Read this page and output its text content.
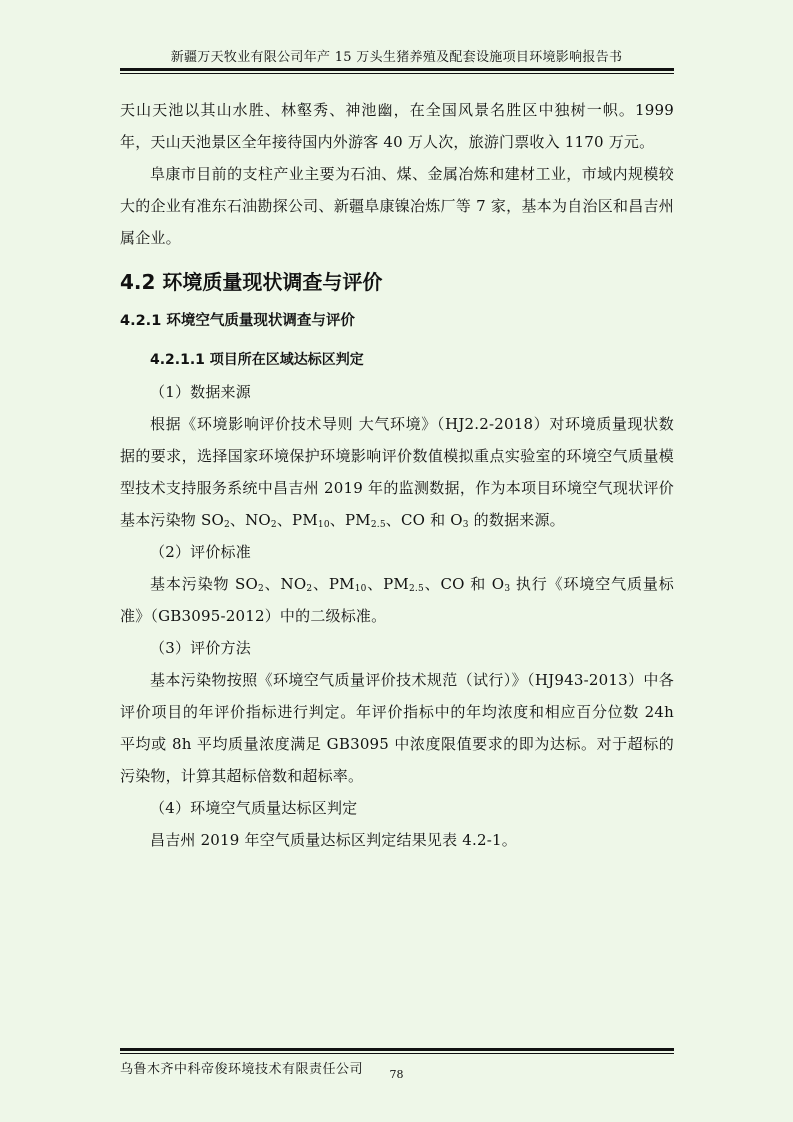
新疆万天牧业有限公司年产 15 万头生猪养殖及配套设施项目环境影响报告书

天山天池以其山水胜、林壑秀、神池幽，在全国风景名胜区中独树一帜。1999 年，天山天池景区全年接待国内外游客 40 万人次，旅游门票收入 1170 万元。

阜康市目前的支柱产业主要为石油、煤、金属冶炼和建材工业，市域内规模较大的企业有准东石油勘探公司、新疆阜康镍冶炼厂等 7 家，基本为自治区和昌吉州属企业。

4.2 环境质量现状调查与评价
4.2.1 环境空气质量现状调查与评价
4.2.1.1 项目所在区域达标区判定

（1）数据来源

根据《环境影响评价技术导则 大气环境》（HJ2.2-2018）对环境质量现状数据的要求，选择国家环境保护环境影响评价数值模拟重点实验室的环境空气质量模型技术支持服务系统中昌吉州 2019 年的监测数据，作为本项目环境空气现状评价基本污染物 $SO_2$、$NO_2$、$PM_{10}$、$PM_{2.5}$、CO 和 $O_3$ 的数据来源。

（2）评价标准

基本污染物 $SO_2$、$NO_2$、$PM_{10}$、$PM_{2.5}$、CO 和 $O_3$ 执行《环境空气质量标准》（GB3095-2012）中的二级标准。

（3）评价方法

基本污染物按照《环境空气质量评价技术规范（试行）》（HJ943-2013）中各评价项目的年评价指标进行判定。年评价指标中的年均浓度和相应百分位数 24h 平均或 8h 平均质量浓度满足 GB3095 中浓度限值要求的即为达标。对于超标的污染物，计算其超标倍数和超标率。

（4）环境空气质量达标区判定

昌吉州 2019 年空气质量达标区判定结果见表 4.2-1。

乌鲁木齐中科帝俊环境技术有限责任公司	78
